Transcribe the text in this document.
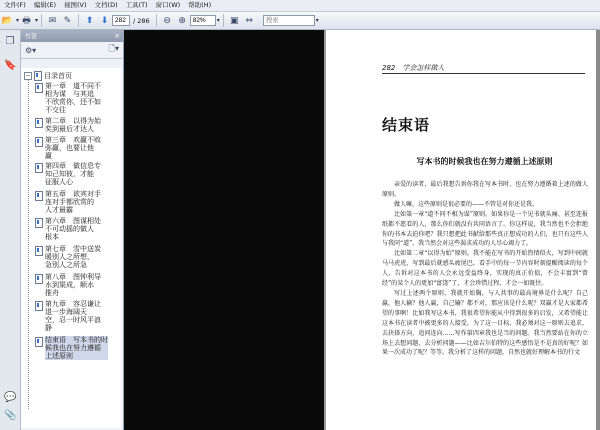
文件(F)	编辑(E)	视图(V)	文档(D)	工具(T)	窗口(W)	帮助(H)
📂 ▾ 🖶 ▾	✉ ✎	⬆ ⬇
282	/ 286	⊖ ⊕
82%	▾ ▣ ⇔
搜索	▾
❐
🔖
💬
📎
书签	×
⚙▾	🗋▾
− 目录首页
第一章　道不同不
相为谋　与其追
不欣赏你，还不如
不交往
第二章　以得为始
奖到最后才达人
第三章　欢赢不败
弥赢，也要让他
赢
第四章　做信息专
知己知彼，才能
征服人心
第五章　欲宾对手
连对手都欣赏的
人才最霸
第六章　图谋相处
不可动摇的做人
根本
第七章　雪中送炭
暖别人之所想，
急别人之所急
第八章　图钟利导
水到渠成，顺水
推舟
第九章　容忍谦让
退一步海阔天
空，忍一时风平浪
静
结束语　写本书的时
候我也在努力遵循
上述原则
282　学会怎样做人
结束语
写本书的时候我也在努力遵循上述原则

亲爱的读者，最后我想告诉你我在写本书时，也在努力遵循着上述的做人原则。

做人嘛，这些原则是很必要的——不管是对你还是我。

比如第一章“道不同不相为谋”原则。如果你是一个见书就头痛、甚至连报纸都不愿看的人，那么你们就没有共同语言了。你这样说，我当然也不会拒绝你的书本去迫你吧？我只想把此书献给那些真正想成功的人们，也只有这些人与我同“道”，我当然会对这些渴求成功的人尽心竭力了。

比如第二章“以得为始”原则。我不能在写书的开始热情似火，写到中间就马马虎虎，写到最后就感头疲尾巴。看手中的每一节内容时刻提醒阅读的每个人，告诉对这本书的人会永远受益终身，实现的真正价值，不会丰富到“曾经”的某个人的更加“富饶”了，才会珍惜过程，才会一如既往。

写过上述两个原则，我就开始胸，与人共事的最高境界是什么呢？自己赢，他人输？他人赢，自己输？都不对，那应该是什么呢？双赢才是大家都希望的事啊！比如我写这本书，我很希望你能从中得到很多的启发，又希望能让这本书在读者中被更多的人接受，为了这一目标，我必须对这一原则去追求，去抉择方向，追问连向……写作第四章我也是当的问题。我当然要站在你的立场上去想问题，去分析问题——比如吉尔伯特的这些感悟是不是真的好呢？如果一次成功了呢？等等。我分析了这样的问题，自然也就好理解本书的行文
